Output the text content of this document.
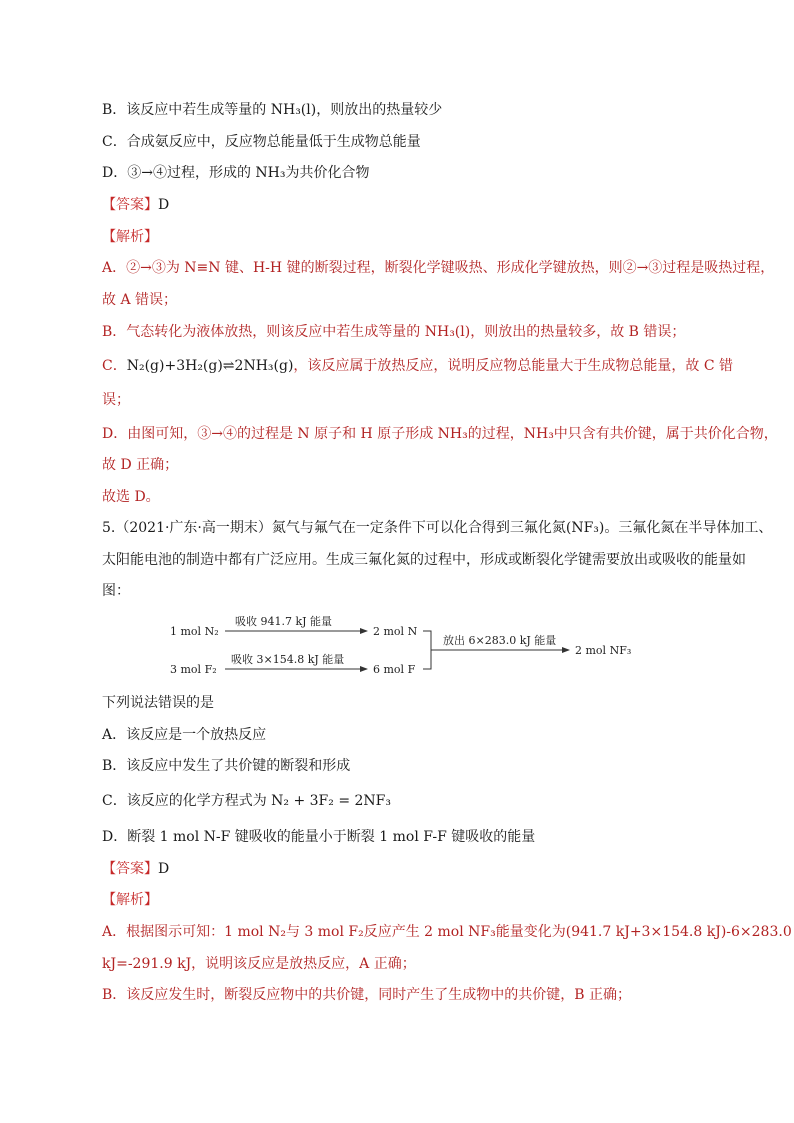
B．该反应中若生成等量的 NH₃(l)，则放出的热量较少
C．合成氨反应中，反应物总能量低于生成物总能量
D．③→④过程，形成的 NH₃为共价化合物
【答案】D
【解析】
A．②→③为 N≡N 键、H-H 键的断裂过程，断裂化学键吸热、形成化学键放热，则②→③过程是吸热过程，
故 A 错误；
B．气态转化为液体放热，则该反应中若生成等量的 NH₃(l)，则放出的热量较多，故 B 错误；
C．N₂(g)+3H₂(g)⇌2NH₃(g)，该反应属于放热反应，说明反应物总能量大于生成物总能量，故 C 错
误；
D．由图可知，③→④的过程是 N 原子和 H 原子形成 NH₃的过程，NH₃中只含有共价键，属于共价化合物，
故 D 正确；
故选 D。
5.（2021·广东·高一期末）氮气与氟气在一定条件下可以化合得到三氟化氮(NF₃)。三氟化氮在半导体加工、
太阳能电池的制造中都有广泛应用。生成三氟化氮的过程中，形成或断裂化学键需要放出或吸收的能量如
图：
1 mol N₂
吸收 941.7 kJ 能量
2 mol N
3 mol F₂
吸收 3×154.8 kJ 能量
6 mol F
放出 6×283.0 kJ 能量
2 mol NF₃
下列说法错误的是
A．该反应是一个放热反应
B．该反应中发生了共价键的断裂和形成
C．该反应的化学方程式为 N₂ + 3F₂ = 2NF₃
D．断裂 1 mol N-F 键吸收的能量小于断裂 1 mol F-F 键吸收的能量
【答案】D
【解析】
A．根据图示可知：1 mol N₂与 3 mol F₂反应产生 2 mol NF₃能量变化为(941.7 kJ+3×154.8 kJ)-6×283.0
kJ=-291.9 kJ，说明该反应是放热反应，A 正确；
B．该反应发生时，断裂反应物中的共价键，同时产生了生成物中的共价键，B 正确；
